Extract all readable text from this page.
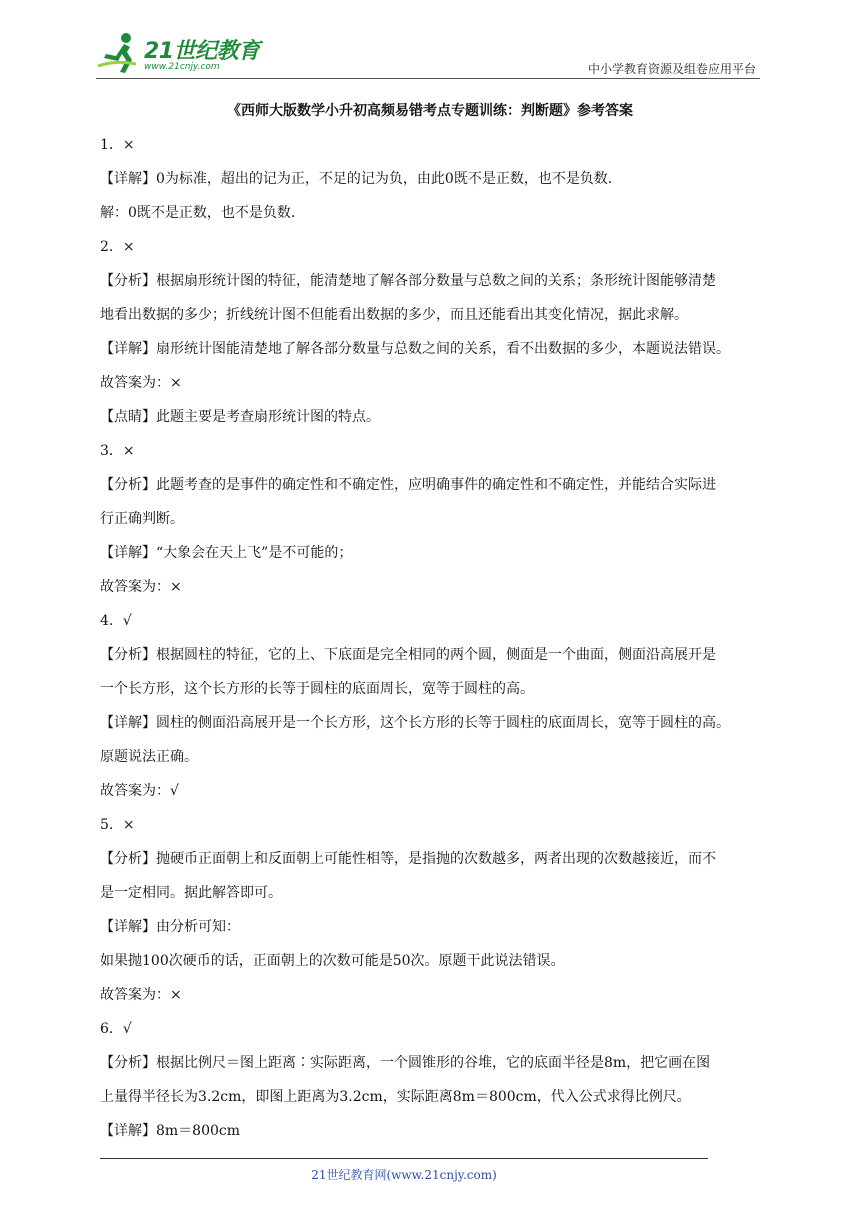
21世纪教育
www.21cnjy.com	中小学教育资源及组卷应用平台
《西师大版数学小升初高频易错考点专题训练：判断题》参考答案
1．×
【详解】0为标准，超出的记为正，不足的记为负，由此0既不是正数，也不是负数．
解：0既不是正数，也不是负数．
2．×
【分析】根据扇形统计图的特征，能清楚地了解各部分数量与总数之间的关系；条形统计图能够清楚
地看出数据的多少；折线统计图不但能看出数据的多少，而且还能看出其变化情况，据此求解。
【详解】扇形统计图能清楚地了解各部分数量与总数之间的关系，看不出数据的多少，本题说法错误。
故答案为：×
【点睛】此题主要是考查扇形统计图的特点。
3．×
【分析】此题考查的是事件的确定性和不确定性，应明确事件的确定性和不确定性，并能结合实际进
行正确判断。
【详解】“大象会在天上飞”是不可能的；
故答案为：×
4．√
【分析】根据圆柱的特征，它的上、下底面是完全相同的两个圆，侧面是一个曲面，侧面沿高展开是
一个长方形，这个长方形的长等于圆柱的底面周长，宽等于圆柱的高。
【详解】圆柱的侧面沿高展开是一个长方形，这个长方形的长等于圆柱的底面周长，宽等于圆柱的高。
原题说法正确。
故答案为：√
5．×
【分析】抛硬币正面朝上和反面朝上可能性相等，是指抛的次数越多，两者出现的次数越接近，而不
是一定相同。据此解答即可。
【详解】由分析可知：
如果抛100次硬币的话，正面朝上的次数可能是50次。原题干此说法错误。
故答案为：×
6．√
【分析】根据比例尺＝图上距离∶实际距离，一个圆锥形的谷堆，它的底面半径是8m，把它画在图
上量得半径长为3.2cm，即图上距离为3.2cm，实际距离8m＝800cm，代入公式求得比例尺。
【详解】8m＝800cm
21世纪教育网(www.21cnjy.com)
